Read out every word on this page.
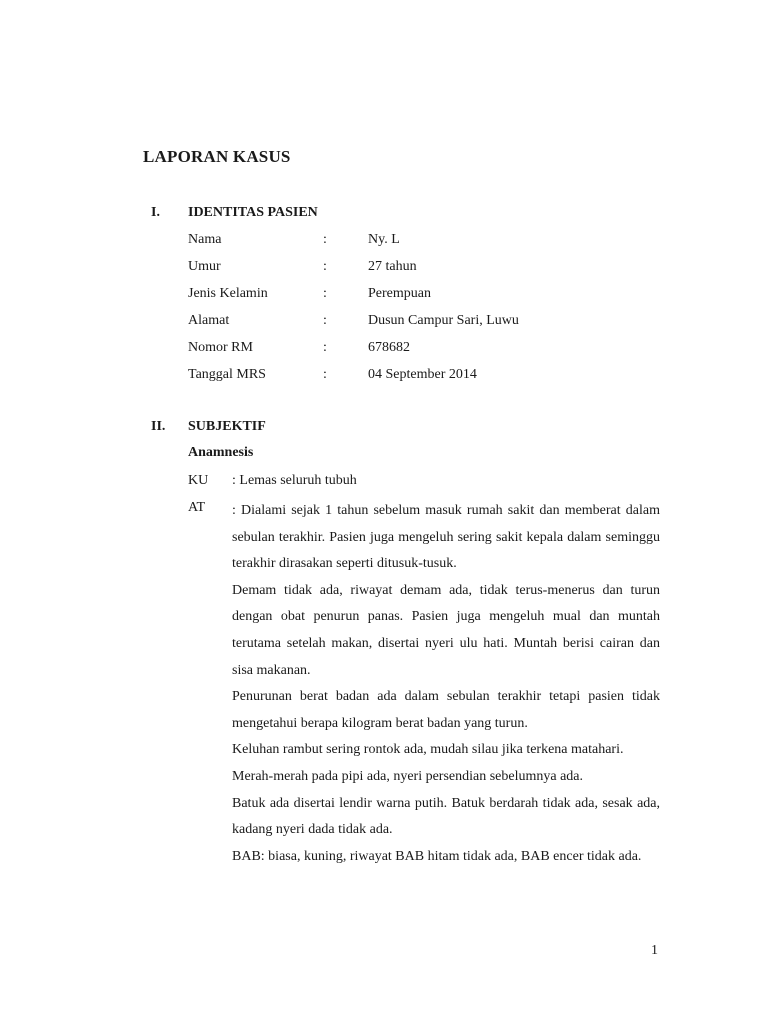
LAPORAN KASUS
I. IDENTITAS PASIEN
Nama	:	Ny. L
Umur	:	27 tahun
Jenis Kelamin	:	Perempuan
Alamat	:	Dusun Campur Sari, Luwu
Nomor RM	:	678682
Tanggal MRS	:	04 September 2014
II. SUBJEKTIF
Anamnesis
KU : Lemas seluruh tubuh
AT : Dialami sejak 1 tahun sebelum masuk rumah sakit dan memberat dalam sebulan terakhir. Pasien juga mengeluh sering sakit kepala dalam seminggu terakhir dirasakan seperti ditusuk-tusuk.

Demam tidak ada, riwayat demam ada, tidak terus-menerus dan turun dengan obat penurun panas. Pasien juga mengeluh mual dan muntah terutama setelah makan, disertai nyeri ulu hati. Muntah berisi cairan dan sisa makanan.

Penurunan berat badan ada dalam sebulan terakhir tetapi pasien tidak mengetahui berapa kilogram berat badan yang turun.

Keluhan rambut sering rontok ada, mudah silau jika terkena matahari.

Merah-merah pada pipi ada, nyeri persendian sebelumnya ada.

Batuk ada disertai lendir warna putih. Batuk berdarah tidak ada, sesak ada, kadang nyeri dada tidak ada.

BAB: biasa, kuning, riwayat BAB hitam tidak ada, BAB encer tidak ada.

1
